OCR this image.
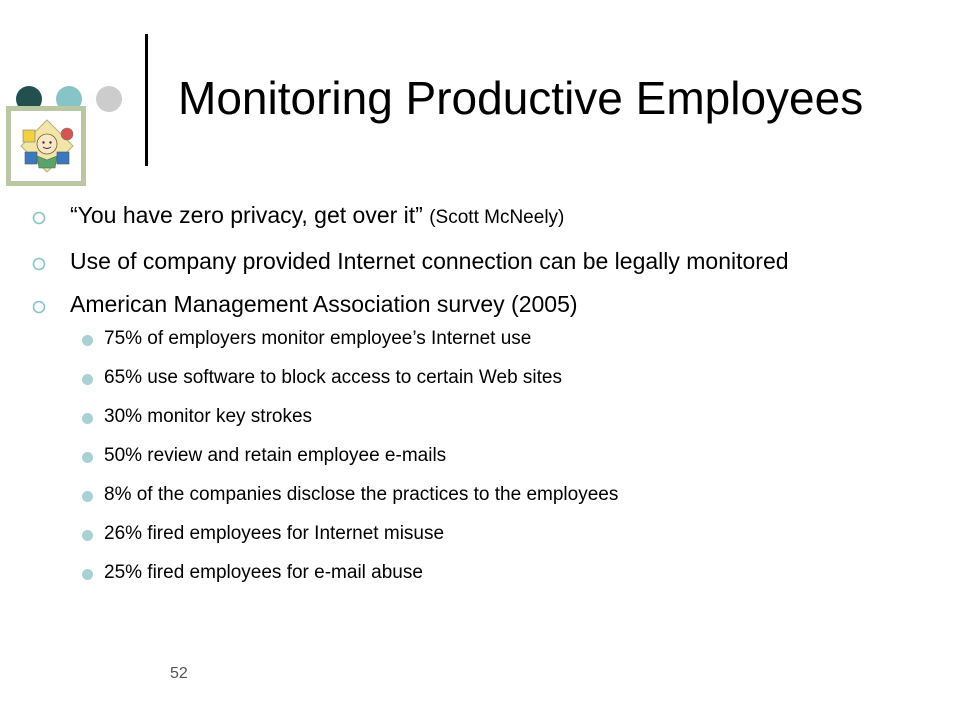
Monitoring Productive Employees
“You have zero privacy, get over it” (Scott McNeely)
Use of company provided Internet connection can be legally monitored
American Management Association survey (2005)
75% of employers monitor employee’s Internet use
65% use software to block access to certain Web sites
30% monitor key strokes
50% review and retain employee e-mails
8% of the companies disclose the practices to the employees
26% fired employees for Internet misuse
25% fired employees for e-mail abuse
52
